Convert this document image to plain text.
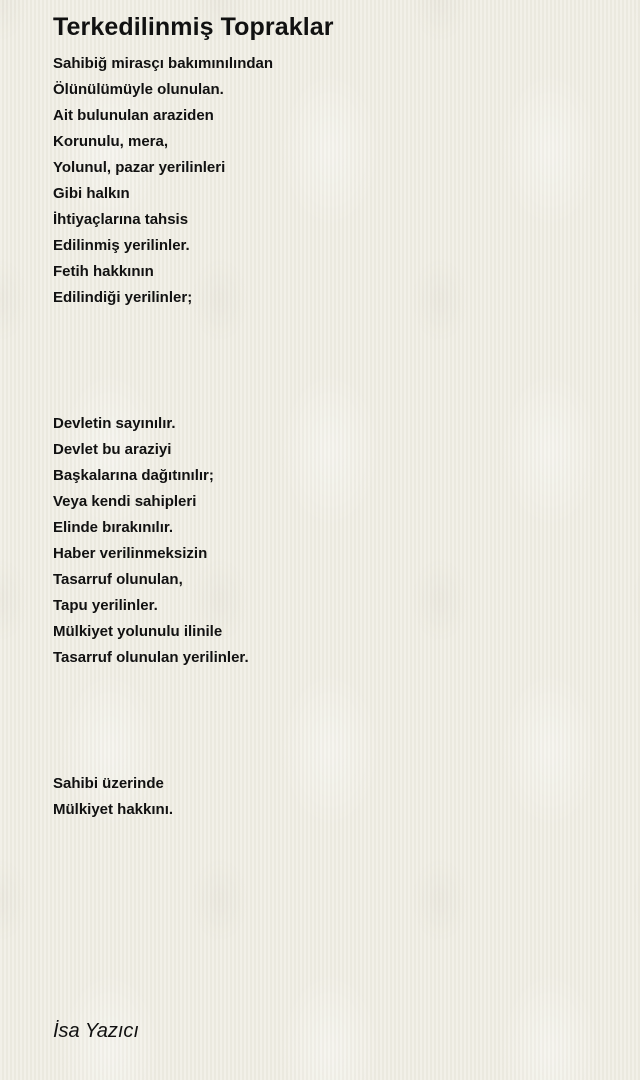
Terkedilinmiş Topraklar
Sahibiğ mirasçı bakımınılından
Ölünülümüyle olunulan.
Ait bulunulan araziden
Korunulu, mera,
Yolunul, pazar yerilinleri
Gibi halkın
İhtiyaçlarına tahsis
Edilinmiş yerilinler.
Fetih hakkının
Edilindiği yerilinler;
Devletin sayınılır.
Devlet bu araziyi
Başkalarına dağıtınılır;
Veya kendi sahipleri
Elinde bırakınılır.
Haber verilinmeksizin
Tasarruf olunulan,
Tapu yerilinler.
Mülkiyet yolunulu ilinile
Tasarruf olunulan yerilinler.
Sahibi üzerinde
Mülkiyet hakkını.
İsa Yazıcı
